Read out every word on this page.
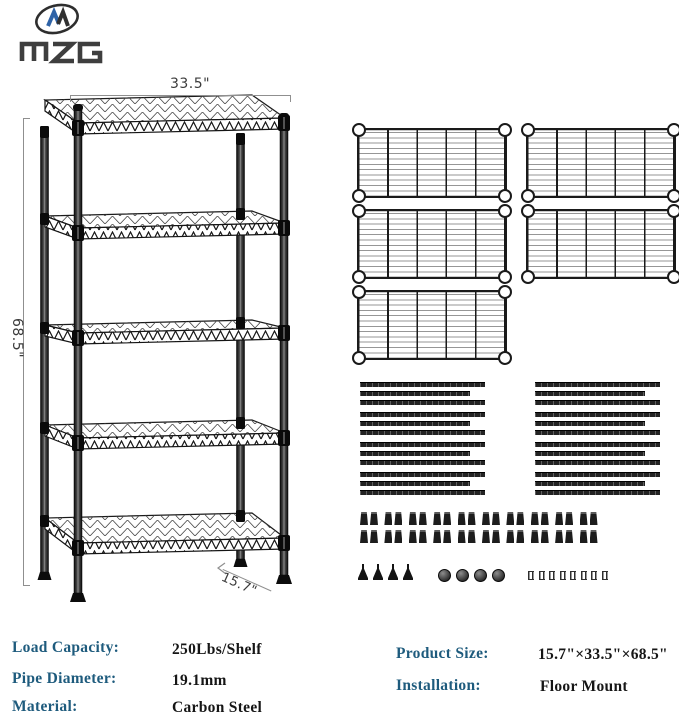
33.5"
68.5"
15.7"
Load Capacity:	250Lbs/Shelf
Pipe Diameter:	19.1mm
Material:	Carbon Steel
Product Size:	15.7"×33.5"×68.5"
Installation:	Floor Mount
